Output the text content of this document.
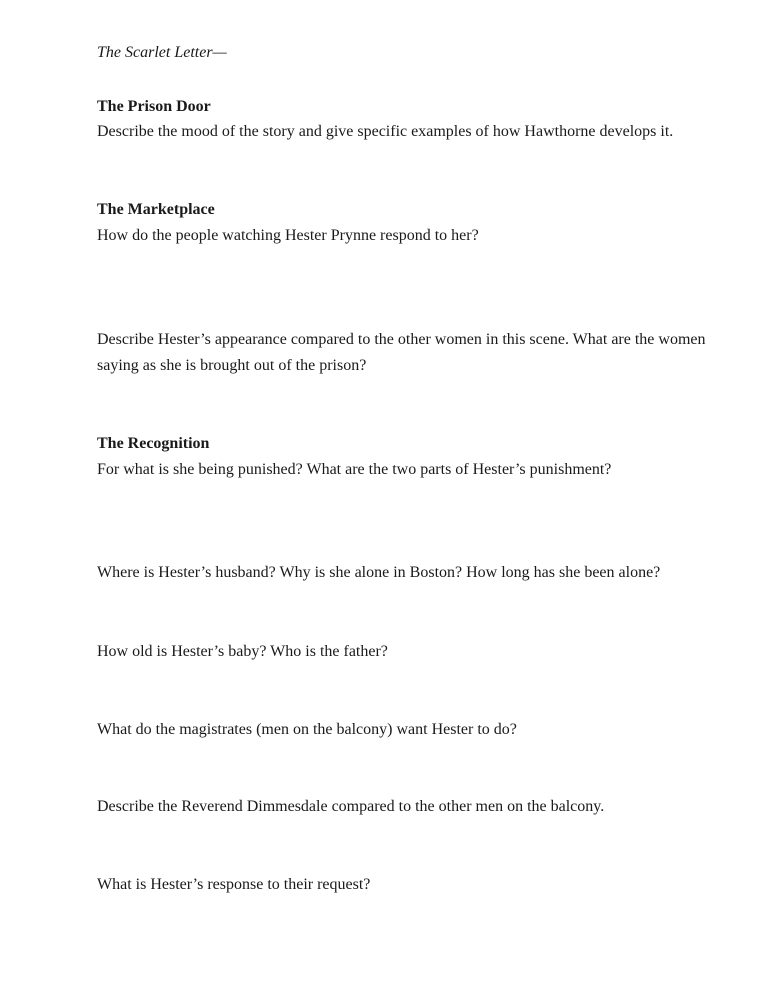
The Scarlet Letter—
The Prison Door
Describe the mood of the story and give specific examples of how Hawthorne develops it.
The Marketplace
How do the people watching Hester Prynne respond to her?
Describe Hester’s appearance compared to the other women in this scene. What are the women
saying as she is brought out of the prison?
The Recognition
For what is she being punished? What are the two parts of Hester’s punishment?
Where is Hester’s husband? Why is she alone in Boston? How long has she been alone?
How old is Hester’s baby? Who is the father?
What do the magistrates (men on the balcony) want Hester to do?
Describe the Reverend Dimmesdale compared to the other men on the balcony.
What is Hester’s response to their request?
